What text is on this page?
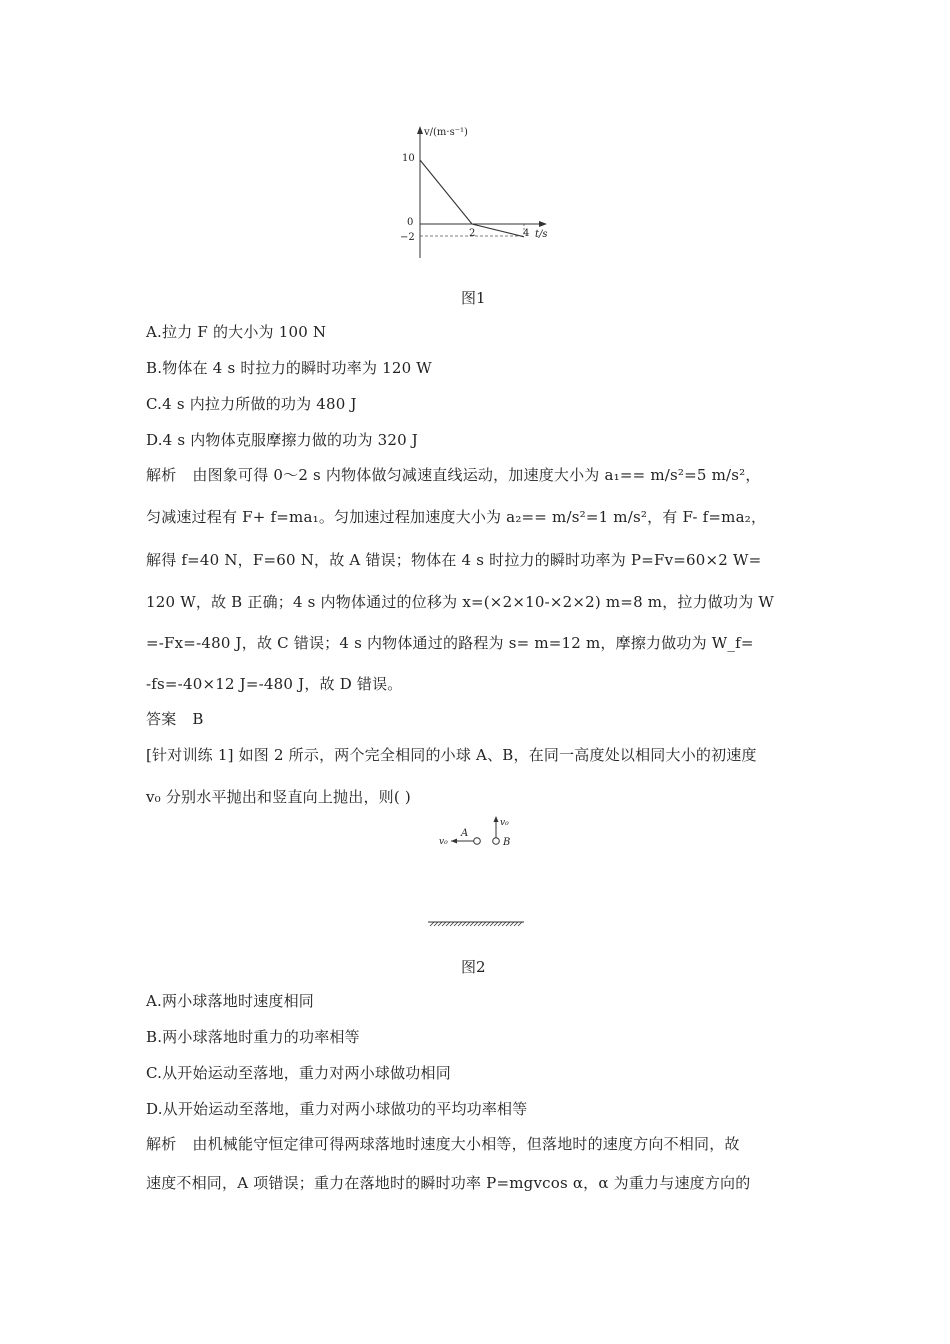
v/(m·s⁻¹)
t/s
10
0
−2	2	4
图1
A.拉力 F 的大小为 100 N
B.物体在 4 s 时拉力的瞬时功率为 120 W
C.4 s 内拉力所做的功为 480 J
D.4 s 内物体克服摩擦力做的功为 320 J
解析 由图象可得 0～2 s 内物体做匀减速直线运动，加速度大小为 a₁== m/s²=5 m/s²，
匀减速过程有 F+ f=ma₁。匀加速过程加速度大小为 a₂== m/s²=1 m/s²，有 F- f=ma₂，
解得 f=40 N，F=60 N，故 A 错误；物体在 4 s 时拉力的瞬时功率为 P=Fv=60×2 W=
120 W，故 B 正确；4 s 内物体通过的位移为 x=(×2×10-×2×2) m=8 m，拉力做功为 W
=-Fx=-480 J，故 C 错误；4 s 内物体通过的路程为 s= m=12 m，摩擦力做功为 W_f=
-fs=-40×12 J=-480 J，故 D 错误。
答案 B
[针对训练 1] 如图 2 所示，两个完全相同的小球 A、B，在同一高度处以相同大小的初速度
v₀ 分别水平抛出和竖直向上抛出，则( )
v₀
A
v₀
B
图2
A.两小球落地时速度相同
B.两小球落地时重力的功率相等
C.从开始运动至落地，重力对两小球做功相同
D.从开始运动至落地，重力对两小球做功的平均功率相等
解析 由机械能守恒定律可得两球落地时速度大小相等，但落地时的速度方向不相同，故
速度不相同，A 项错误；重力在落地时的瞬时功率 P=mgvcos α，α 为重力与速度方向的
